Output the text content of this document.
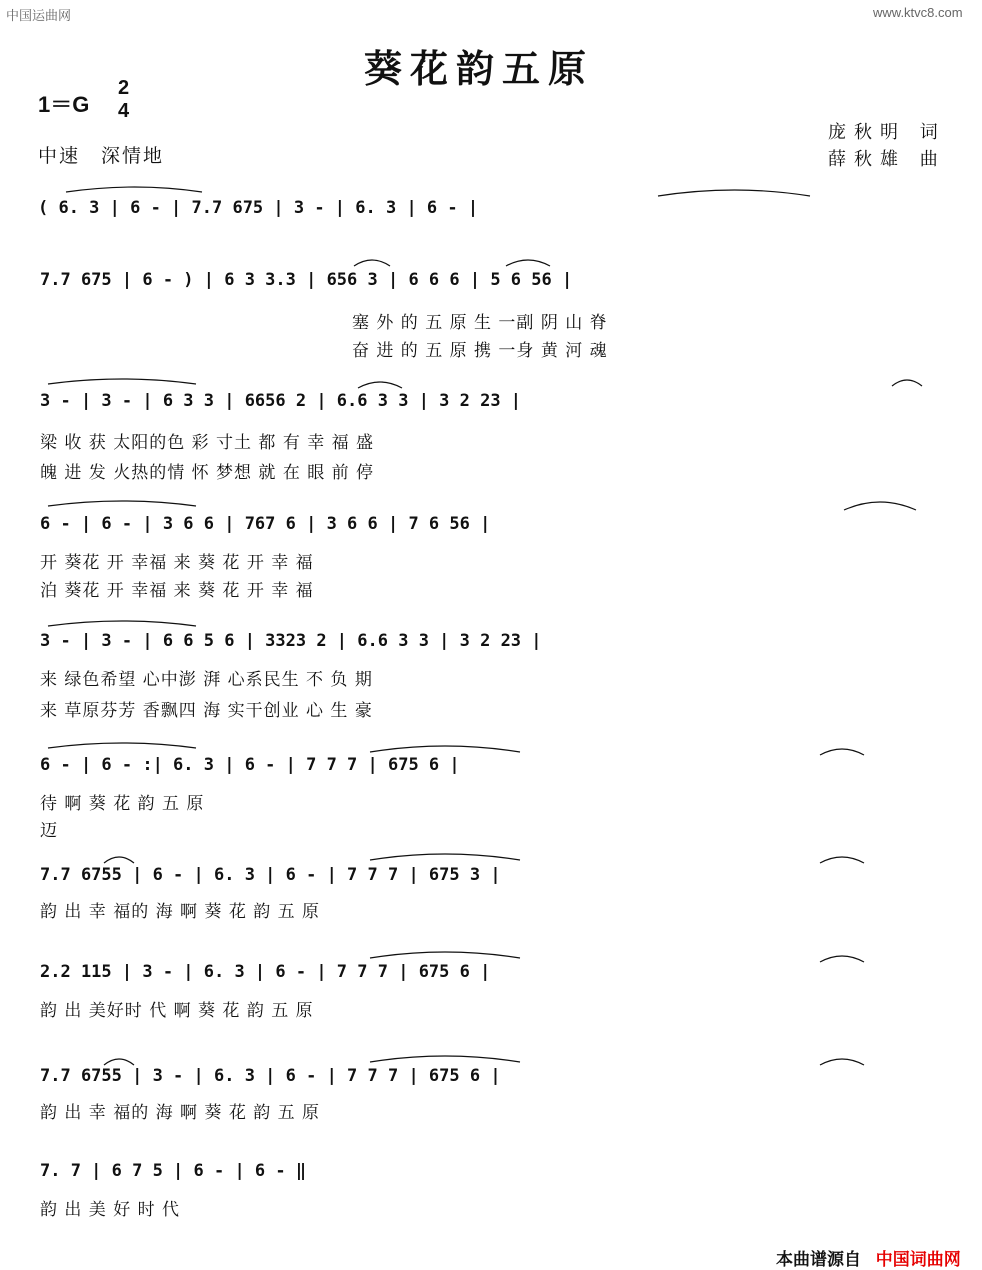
中国运曲网	www.ktvc8.com
葵花韵五原
1＝G
2
4
中速　深情地
庞秋明 词
薛秋雄 曲
( 6. 3 | 6 - | 7.7 675 | 3 - | 6. 3 | 6 - |
7.7 675 | 6 - ) | 6 3 3.3 | 656 3 | 6 6 6 | 5 6 56 |
塞 外 的 五 原 生 一副 阴 山 脊
奋 进 的 五 原 携 一身 黄 河 魂
3 - | 3 - | 6 3 3 | 6656 2 | 6.6 3 3 | 3 2 23 |
梁 收 获 太阳的色 彩 寸土 都 有 幸 福 盛
魄 进 发 火热的情 怀 梦想 就 在 眼 前 停
6 - | 6 - | 3 6 6 | 767 6 | 3 6 6 | 7 6 56 |
开 葵花 开 幸福 来 葵 花 开 幸 福
泊 葵花 开 幸福 来 葵 花 开 幸 福
3 - | 3 - | 6 6 5 6 | 3323 2 | 6.6 3 3 | 3 2 23 |
来 绿色希望 心中澎 湃 心系民生 不 负 期
来 草原芬芳 香飘四 海 实干创业 心 生 豪
6 - | 6 - :| 6. 3 | 6 - | 7 7 7 | 675 6 |
待 啊 葵 花 韵 五 原
迈
7.7 6755 | 6 - | 6. 3 | 6 - | 7 7 7 | 675 3 |
韵 出 幸 福的 海 啊 葵 花 韵 五 原
2.2 115 | 3 - | 6. 3 | 6 - | 7 7 7 | 675 6 |
韵 出 美好时 代 啊 葵 花 韵 五 原
7.7 6755 | 3 - | 6. 3 | 6 - | 7 7 7 | 675 6 |
韵 出 幸 福的 海 啊 葵 花 韵 五 原
7. 7 | 6 7 5 | 6 - | 6 - ‖
韵 出 美 好 时 代
本曲谱源自 中国词曲网
